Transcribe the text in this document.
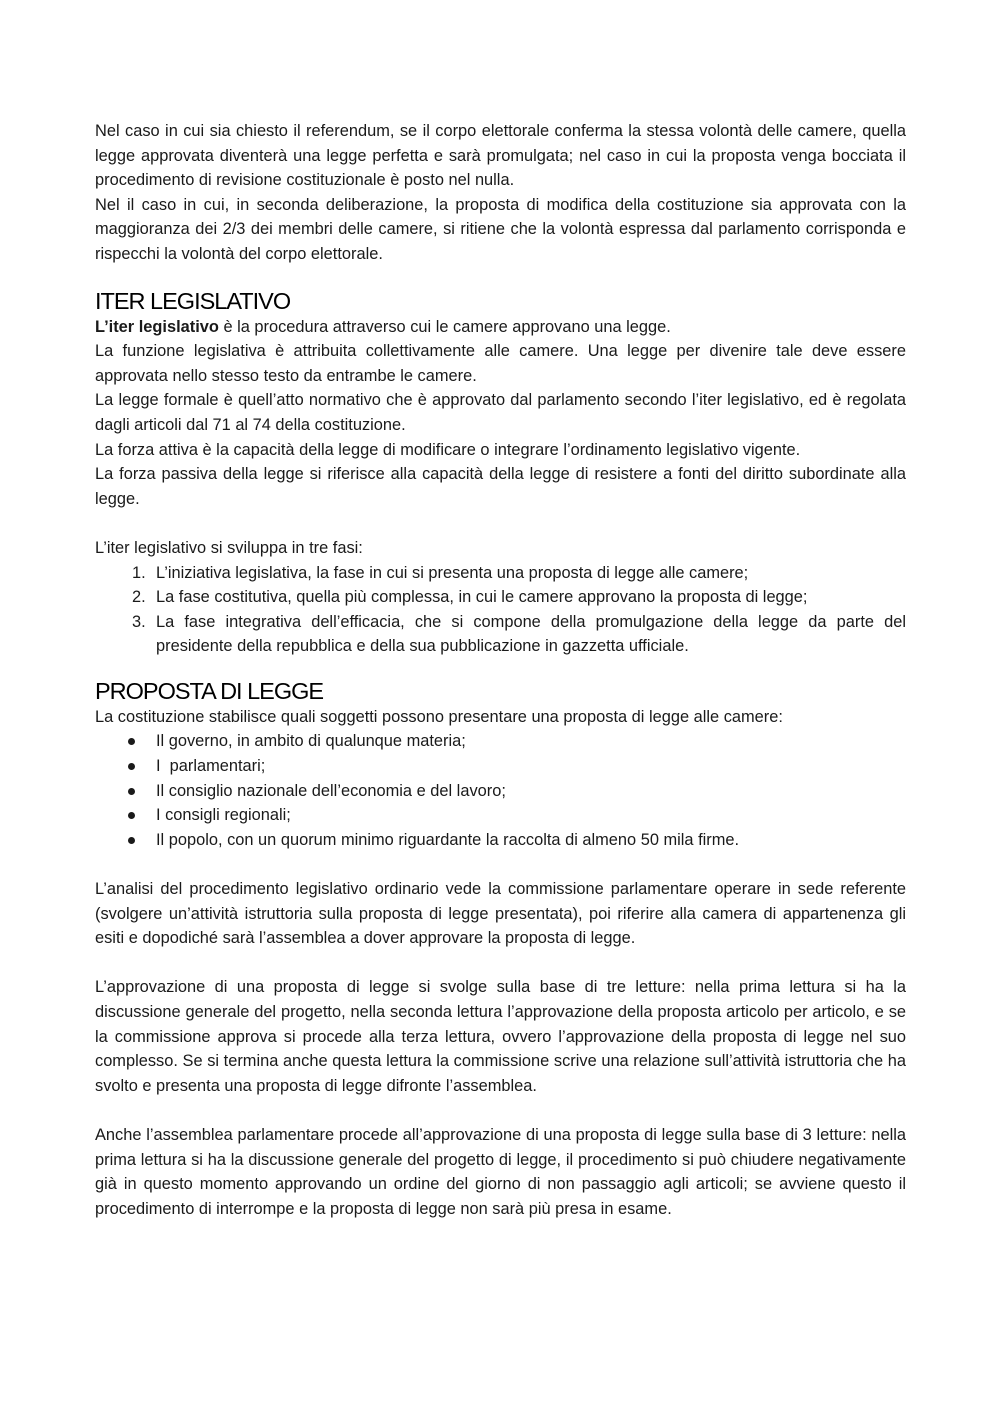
Nel caso in cui sia chiesto il referendum, se il corpo elettorale conferma la stessa volontà delle camere, quella legge approvata diventerà una legge perfetta e sarà promulgata; nel caso in cui la proposta venga bocciata il procedimento di revisione costituzionale è posto nel nulla.

Nel il caso in cui, in seconda deliberazione, la proposta di modifica della costituzione sia approvata con la maggioranza dei 2/3 dei membri delle camere, si ritiene che la volontà espressa dal parlamento corrisponda e rispecchi la volontà del corpo elettorale.

ITER LEGISLATIVO

L’iter legislativo è la procedura attraverso cui le camere approvano una legge.

La funzione legislativa è attribuita collettivamente alle camere. Una legge per divenire tale deve essere approvata nello stesso testo da entrambe le camere.

La legge formale è quell’atto normativo che è approvato dal parlamento secondo l’iter legislativo, ed è regolata dagli articoli dal 71 al 74 della costituzione.

La forza attiva è la capacità della legge di modificare o integrare l’ordinamento legislativo vigente.

La forza passiva della legge si riferisce alla capacità della legge di resistere a fonti del diritto subordinate alla legge.

L’iter legislativo si sviluppa in tre fasi:

1. L’iniziativa legislativa, la fase in cui si presenta una proposta di legge alle camere;
2. La fase costitutiva, quella più complessa, in cui le camere approvano la proposta di legge;
3. La fase integrativa dell’efficacia, che si compone della promulgazione della legge da parte del presidente della repubblica e della sua pubblicazione in gazzetta ufficiale.
PROPOSTA DI LEGGE

La costituzione stabilisce quali soggetti possono presentare una proposta di legge alle camere:

Il governo, in ambito di qualunque materia;
I  parlamentari;
Il consiglio nazionale dell’economia e del lavoro;
I consigli regionali;
Il popolo, con un quorum minimo riguardante la raccolta di almeno 50 mila firme.

L’analisi del procedimento legislativo ordinario vede la commissione parlamentare operare in sede referente (svolgere un’attività istruttoria sulla proposta di legge presentata), poi riferire alla camera di appartenenza gli esiti e dopodiché sarà l’assemblea a dover approvare la proposta di legge.

L’approvazione di una proposta di legge si svolge sulla base di tre letture: nella prima lettura si ha la discussione generale del progetto, nella seconda lettura l’approvazione della proposta articolo per articolo, e se la commissione approva si procede alla terza lettura, ovvero l’approvazione della proposta di legge nel suo complesso. Se si termina anche questa lettura la commissione scrive una relazione sull’attività istruttoria che ha svolto e presenta una proposta di legge difronte l’assemblea.

Anche l’assemblea parlamentare procede all’approvazione di una proposta di legge sulla base di 3 letture: nella prima lettura si ha la discussione generale del progetto di legge, il procedimento si può chiudere negativamente già in questo momento approvando un ordine del giorno di non passaggio agli articoli; se avviene questo il procedimento di interrompe e la proposta di legge non sarà più presa in esame.
